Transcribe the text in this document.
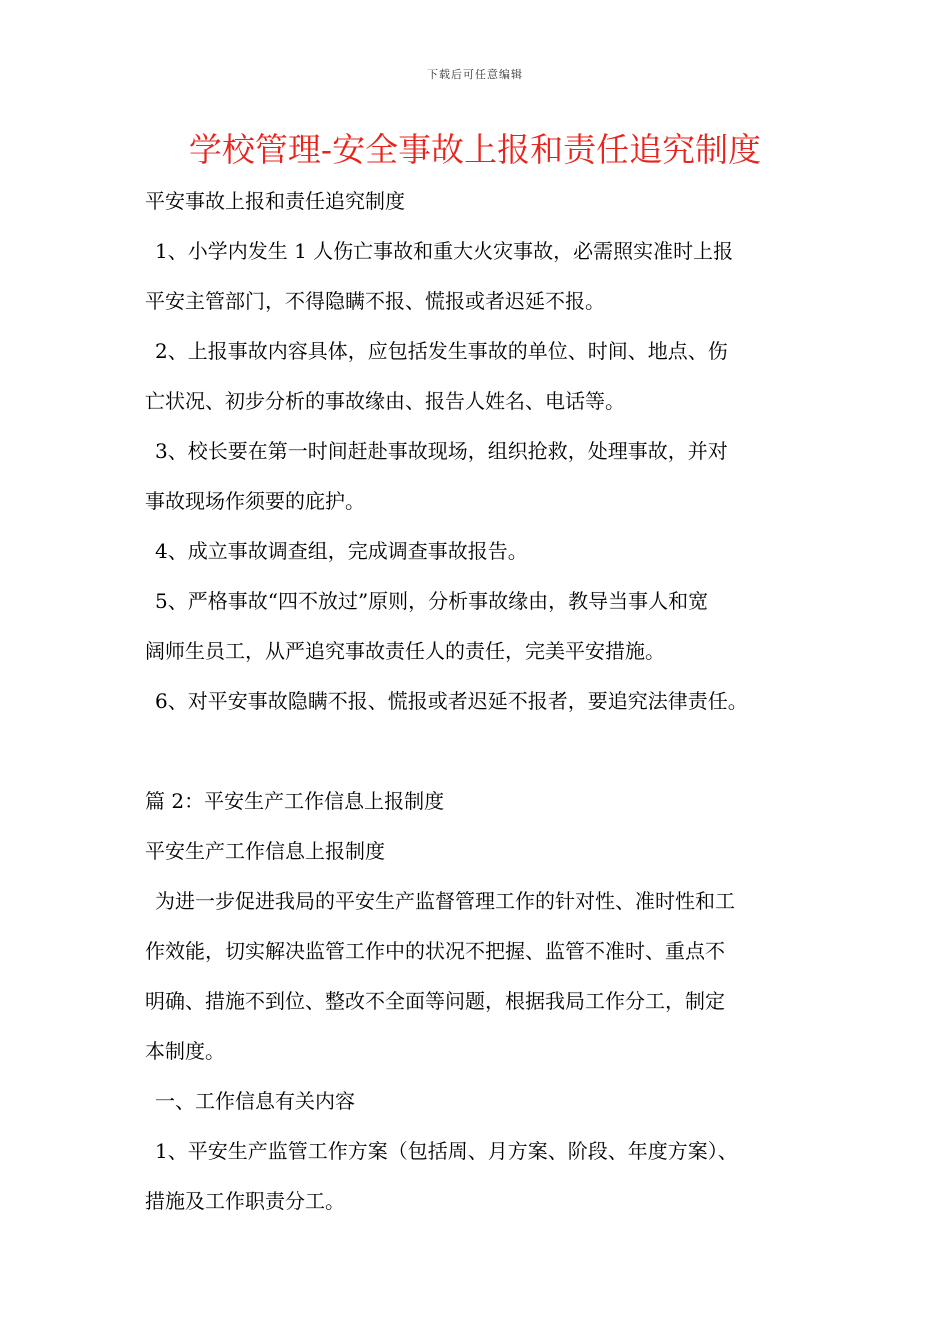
下载后可任意编辑
学校管理-安全事故上报和责任追究制度
平安事故上报和责任追究制度
1、小学内发生 1 人伤亡事故和重大火灾事故，必需照实准时上报
平安主管部门，不得隐瞒不报、慌报或者迟延不报。
2、上报事故内容具体，应包括发生事故的单位、时间、地点、伤
亡状况、初步分析的事故缘由、报告人姓名、电话等。
3、校长要在第一时间赶赴事故现场，组织抢救，处理事故，并对
事故现场作须要的庇护。
4、成立事故调查组，完成调查事故报告。
5、严格事故“四不放过”原则，分析事故缘由，教导当事人和宽
阔师生员工，从严追究事故责任人的责任，完美平安措施。
6、对平安事故隐瞒不报、慌报或者迟延不报者，要追究法律责任。
篇 2：平安生产工作信息上报制度
平安生产工作信息上报制度
为进一步促进我局的平安生产监督管理工作的针对性、准时性和工
作效能，切实解决监管工作中的状况不把握、监管不准时、重点不
明确、措施不到位、整改不全面等问题，根据我局工作分工，制定
本制度。
一、工作信息有关内容
1、平安生产监管工作方案（包括周、月方案、阶段、年度方案）、
措施及工作职责分工。
